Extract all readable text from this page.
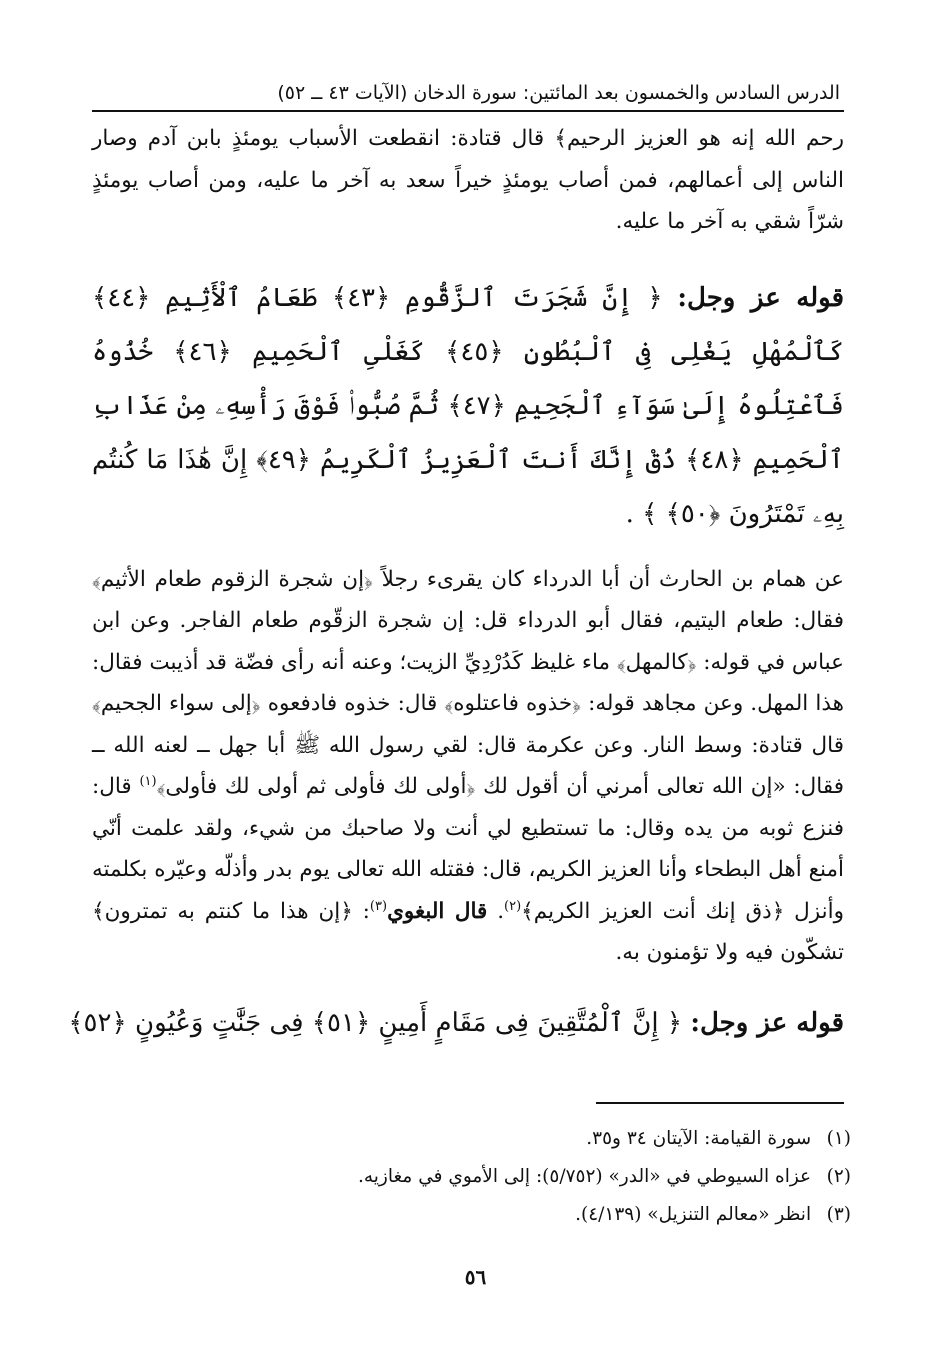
الدرس السادس والخمسون بعد المائتين: سورة الدخان (الآيات ٤٣ ــ ٥٢)

رحم الله إنه هو العزيز الرحيم﴾ قال قتادة: انقطعت الأسباب يومئذٍ بابن آدم وصار الناس إلى أعمالهم، فمن أصاب يومئذٍ خيراً سعد به آخر ما عليه، ومن أصاب يومئذٍ شرّاً شقي به آخر ما عليه.

قوله عز وجل: ﴿ إِنَّ شَجَرَتَ ٱلزَّقُّومِ ﴿٤٣﴾ طَعَامُ ٱلْأَثِيمِ ﴿٤٤﴾ كَٱلْمُهْلِ يَغْلِى فِى ٱلْبُطُونِ ﴿٤٥﴾ كَغَلْىِ ٱلْحَمِيمِ ﴿٤٦﴾ خُذُوهُ فَٱعْتِلُوهُ إِلَىٰ سَوَآءِ ٱلْجَحِيمِ ﴿٤٧﴾ ثُمَّ صُبُّوا۟ فَوْقَ رَأْسِهِۦ مِنْ عَذَابِ ٱلْحَمِيمِ ﴿٤٨﴾ ذُقْ إِنَّكَ أَنتَ ٱلْعَزِيزُ ٱلْكَرِيمُ ﴿٤٩﴾ إِنَّ هَٰذَا مَا كُنتُم بِهِۦ تَمْتَرُونَ ﴿٥٠﴾ ﴾ .

عن همام بن الحارث أن أبا الدرداء كان يقرىء رجلاً ﴿إن شجرة الزقوم طعام الأثيم﴾ فقال: طعام اليتيم، فقال أبو الدرداء قل: إن شجرة الزقّوم طعام الفاجر. وعن ابن عباس في قوله: ﴿كالمهل﴾ ماء غليظ كَدُرْدِيِّ الزيت؛ وعنه أنه رأى فضّة قد أذيبت فقال: هذا المهل. وعن مجاهد قوله: ﴿خذوه فاعتلوه﴾ قال: خذوه فادفعوه ﴿إلى سواء الجحيم﴾ قال قتادة: وسط النار. وعن عكرمة قال: لقي رسول الله ﷺ أبا جهل ــ لعنه الله ــ فقال: «إن الله تعالى أمرني أن أقول لك ﴿أولى لك فأولى ثم أولى لك فأولى﴾$^{(١)}$ قال: فنزع ثوبه من يده وقال: ما تستطيع لي أنت ولا صاحبك من شيء، ولقد علمت أنّي أمنع أهل البطحاء وأنا العزيز الكريم، قال: فقتله الله تعالى يوم بدر وأذلّه وعيّره بكلمته وأنزل ﴿ذق إنك أنت العزيز الكريم﴾$^{(٢)}$. قال البغوي$^{(٣)}$: ﴿إن هذا ما كنتم به تمترون﴾ تشكّون فيه ولا تؤمنون به.

قوله عز وجل: ﴿ إِنَّ ٱلْمُتَّقِينَ فِى مَقَامٍ أَمِينٍ ﴿٥١﴾ فِى جَنَّٰتٍ وَعُيُونٍ ﴿٥٢﴾

(١) سورة القيامة: الآيتان ٣٤ و٣٥.
(٢) عزاه السيوطي في «الدر» (٥/٧٥٢): إلى الأموي في مغازيه.
(٣) انظر «معالم التنزيل» (٤/١٣٩).
٥٦
